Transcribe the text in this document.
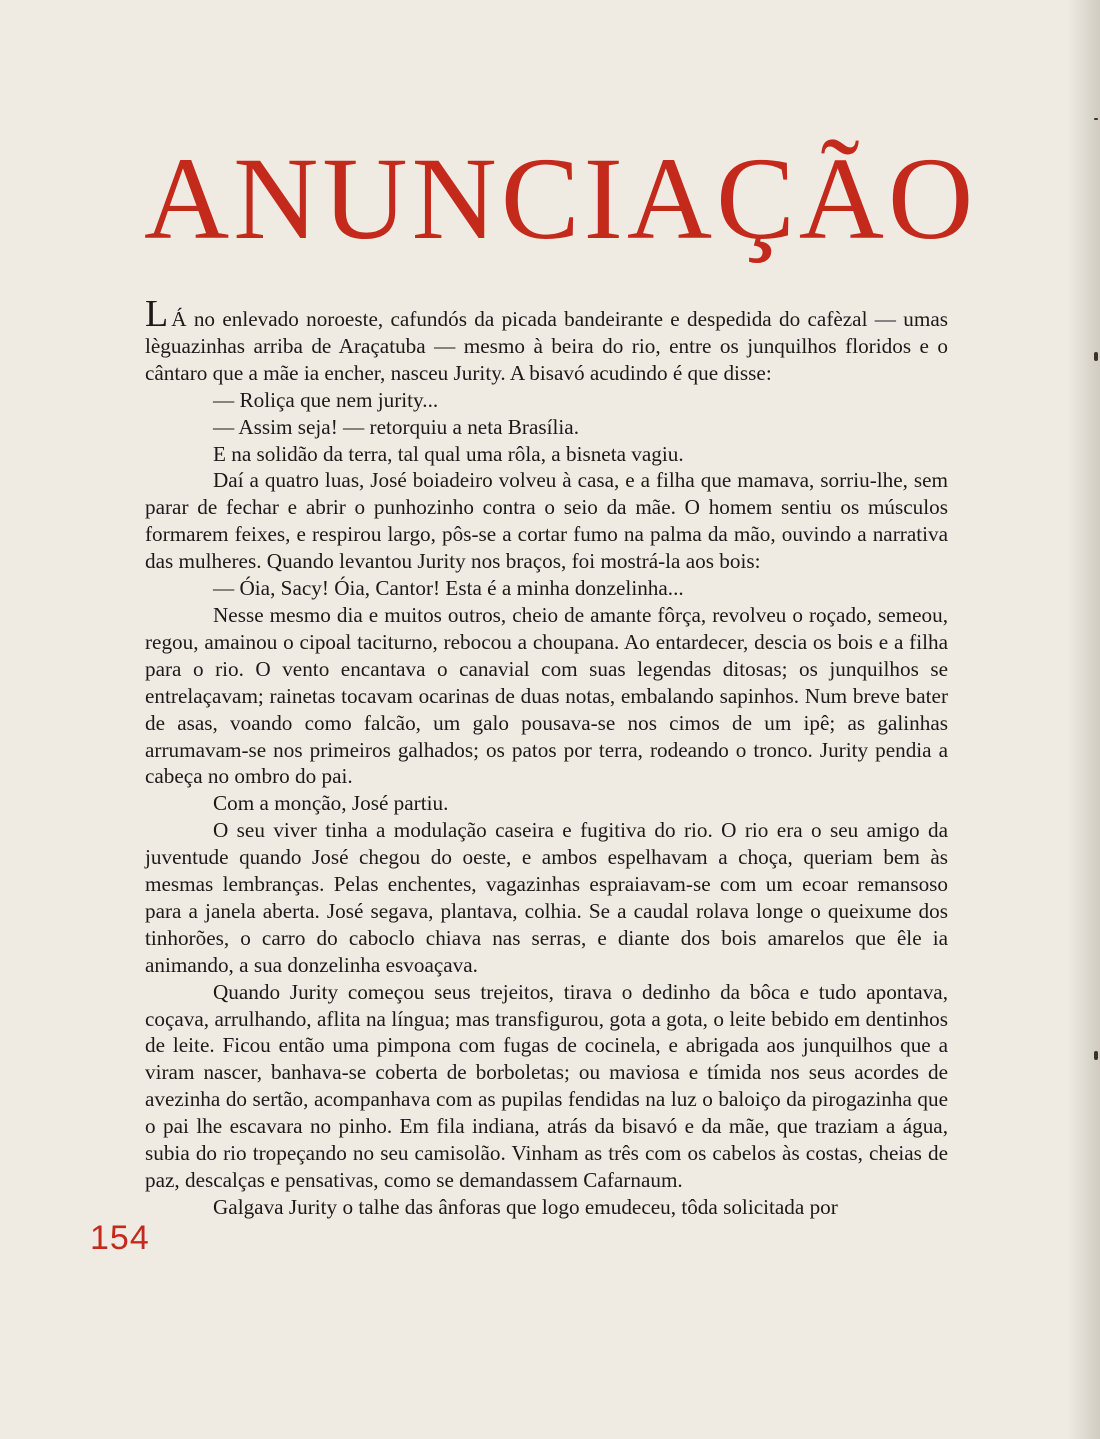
ANUNCIAÇÃO

L Á no enlevado noroeste, cafundós da picada bandeirante e despedida do cafèzal — umas lèguazinhas arriba de Araçatuba — mesmo à beira do rio, entre os junquilhos floridos e o cântaro que a mãe ia encher, nasceu Jurity. A bisavó acudindo é que disse:

— Roliça que nem jurity...

— Assim seja! — retorquiu a neta Brasília.

E na solidão da terra, tal qual uma rôla, a bisneta vagiu.

Daí a quatro luas, José boiadeiro volveu à casa, e a filha que mamava, sorriu-lhe, sem parar de fechar e abrir o punhozinho contra o seio da mãe. O homem sentiu os músculos formarem feixes, e respirou largo, pôs-se a cortar fumo na palma da mão, ouvindo a narrativa das mulheres. Quando levantou Jurity nos braços, foi mostrá-la aos bois:

— Óia, Sacy! Óia, Cantor! Esta é a minha donzelinha...

Nesse mesmo dia e muitos outros, cheio de amante fôrça, revolveu o roçado, semeou, regou, amainou o cipoal taciturno, rebocou a choupana. Ao entardecer, descia os bois e a filha para o rio. O vento encantava o canavial com suas legendas ditosas; os junquilhos se entrelaçavam; rainetas tocavam ocarinas de duas notas, embalando sapinhos. Num breve bater de asas, voando como falcão, um galo pousava-se nos cimos de um ipê; as galinhas arrumavam-se nos primeiros galhados; os patos por terra, rodeando o tronco. Jurity pendia a cabeça no ombro do pai.

Com a monção, José partiu.

O seu viver tinha a modulação caseira e fugitiva do rio. O rio era o seu amigo da juventude quando José chegou do oeste, e ambos espelhavam a choça, queriam bem às mesmas lembranças. Pelas enchentes, vagazinhas espraiavam-se com um ecoar remansoso para a janela aberta. José segava, plantava, colhia. Se a caudal rolava longe o queixume dos tinhorões, o carro do caboclo chiava nas serras, e diante dos bois amarelos que êle ia animando, a sua donzelinha esvoaçava.

Quando Jurity começou seus trejeitos, tirava o dedinho da bôca e tudo apontava, coçava, arrulhando, aflita na língua; mas transfigurou, gota a gota, o leite bebido em dentinhos de leite. Ficou então uma pimpona com fugas de cocinela, e abrigada aos junquilhos que a viram nascer, banhava-se coberta de borboletas; ou maviosa e tímida nos seus acordes de avezinha do sertão, acompanhava com as pupilas fendidas na luz o baloiço da pirogazinha que o pai lhe escavara no pinho. Em fila indiana, atrás da bisavó e da mãe, que traziam a água, subia do rio tropeçando no seu camisolão. Vinham as três com os cabelos às costas, cheias de paz, descalças e pensativas, como se demandassem Cafarnaum.

Galgava Jurity o talhe das ânforas que logo emudeceu, tôda solicitada por

154
